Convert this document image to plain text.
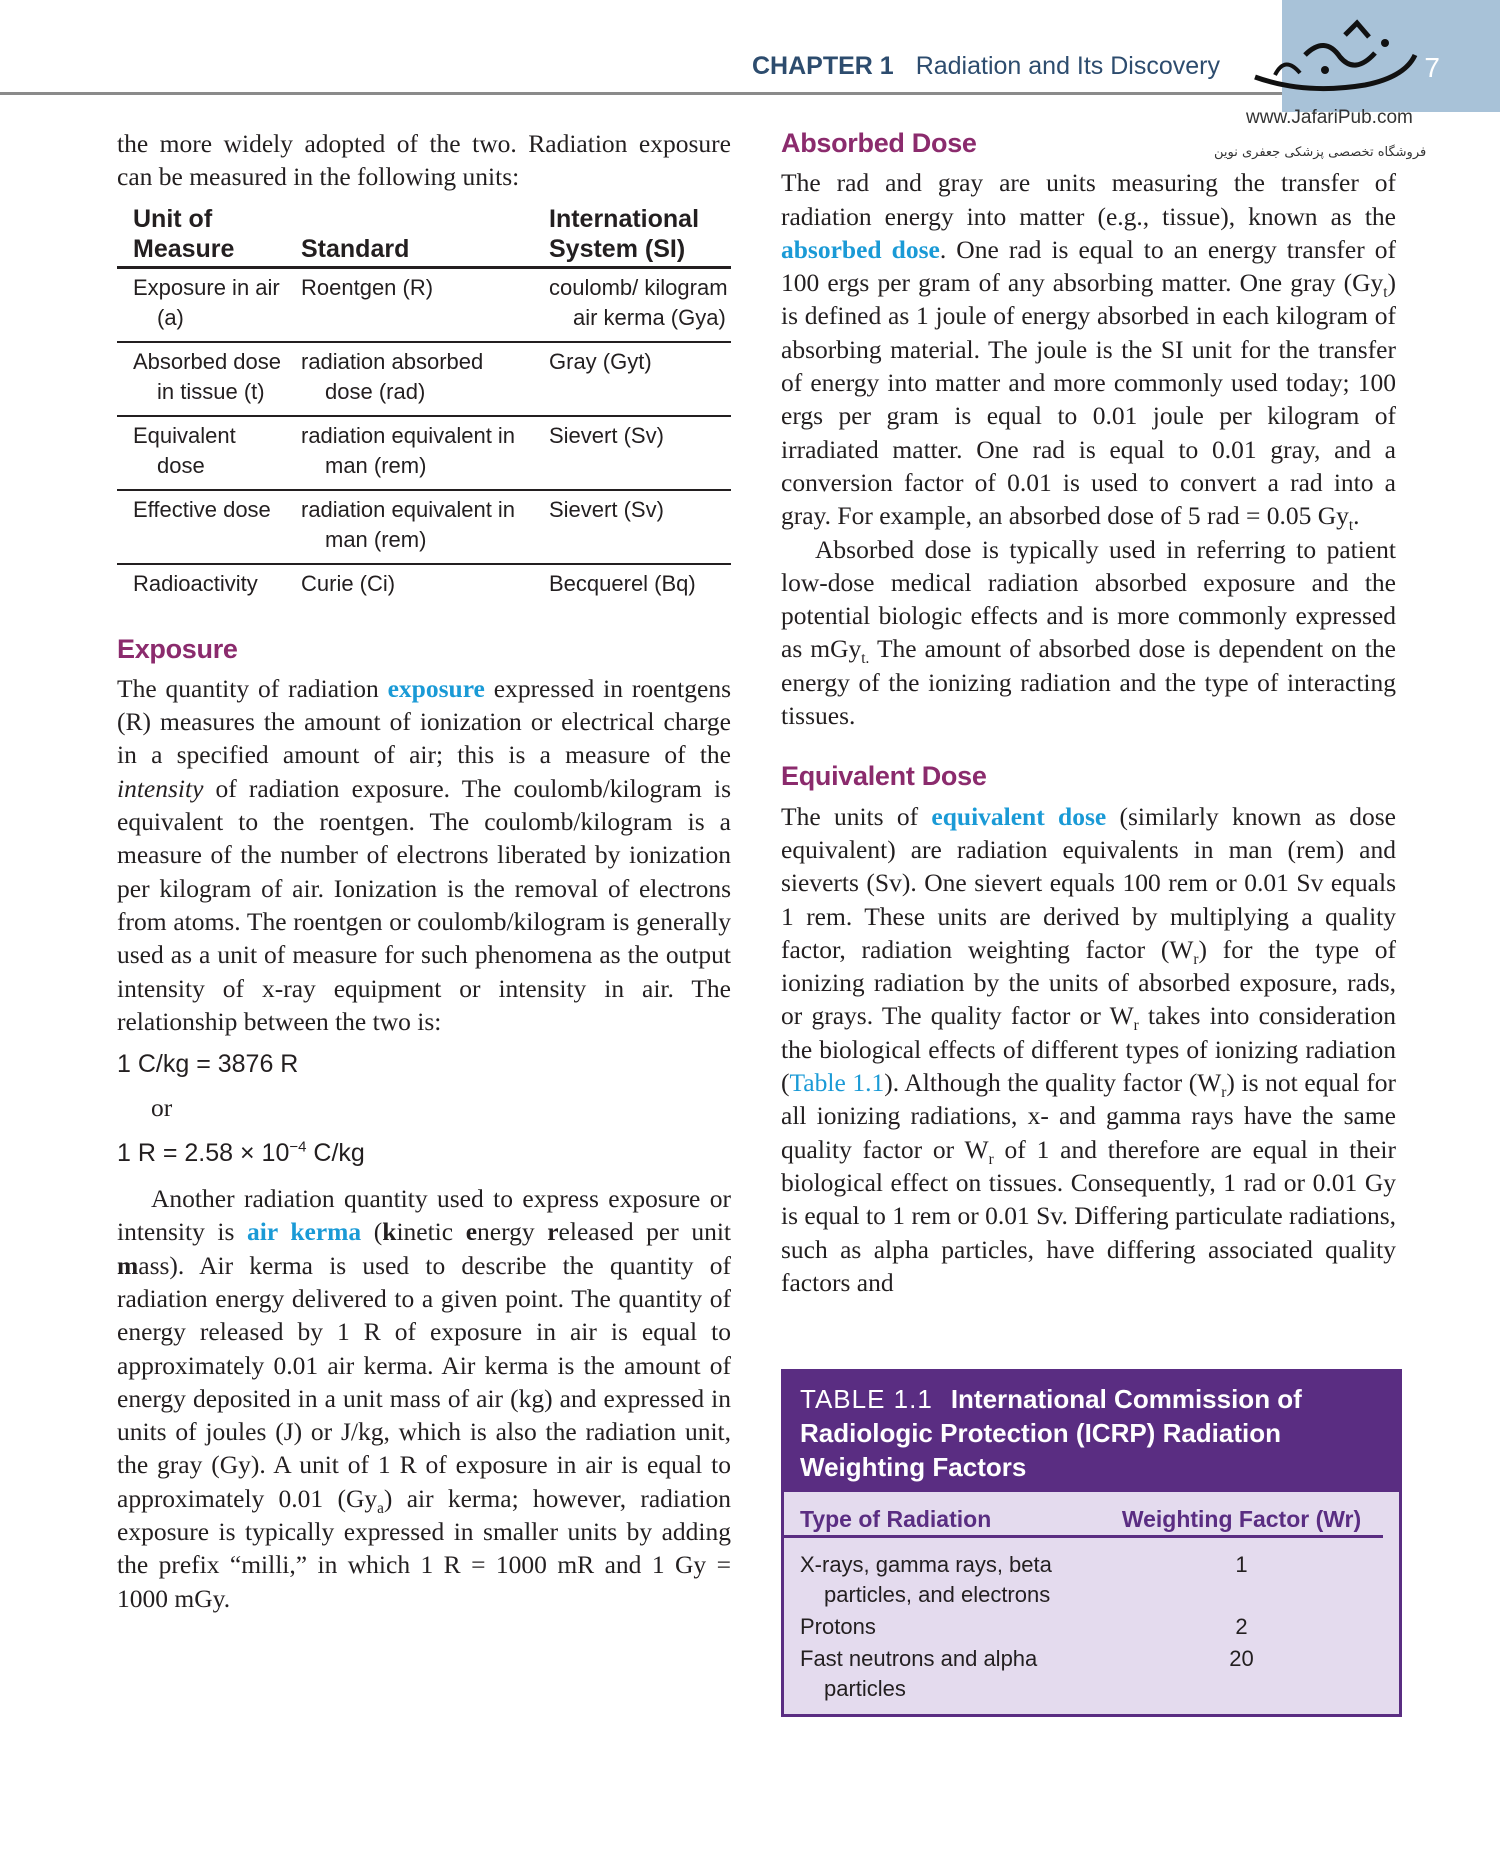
7
CHAPTER 1 Radiation and Its Discovery
www.JafariPub.com
فروشگاه تخصصی پزشکی جعفری نوین

the more widely adopted of the two. Radiation exposure can be measured in the following units:

Unit of Measure	Standard	International System (SI)

Exposure in air (a)	Roentgen (R)	coulomb/ kilogram air kerma (Gya)

Absorbed dose in tissue (t)	radiation absorbed dose (rad)	Gray (Gyt)

Equivalent dose	radiation equivalent in man (rem)	Sievert (Sv)

Effective dose	radiation equivalent in man (rem)	Sievert (Sv)

Radioactivity	Curie (Ci)	Becquerel (Bq)
Exposure

The quantity of radiation exposure expressed in roentgens (R) measures the amount of ionization or electrical charge in a specified amount of air; this is a measure of the intensity of radiation exposure. The coulomb/kilogram is equivalent to the roentgen. The coulomb/kilogram is a measure of the number of electrons liberated by ionization per kilogram of air. Ionization is the removal of electrons from atoms. The roentgen or coulomb/kilogram is generally used as a unit of measure for such phenomena as the output intensity of x-ray equipment or intensity in air. The relationship between the two is:

1 C/kg = 3876 R

or

1 $R = 2.58 \times 10^{-4}$ C/kg

Another radiation quantity used to express exposure or intensity is air kerma (kinetic energy released per unit mass). Air kerma is used to describe the quantity of radiation energy delivered to a given point. The quantity of energy released by 1 R of exposure in air is equal to approximately 0.01 air kerma. Air kerma is the amount of energy deposited in a unit mass of air (kg) and expressed in units of joules (J) or J/kg, which is also the radiation unit, the gray (Gy). A unit of 1 R of exposure in air is equal to approximately 0.01 $(Gy_a)$ air kerma; however, radiation exposure is typically expressed in smaller units by adding the prefix “milli,” in which 1 R = 1000 mR and 1 Gy = 1000 mGy.

Absorbed Dose

The rad and gray are units measuring the transfer of radiation energy into matter (e.g., tissue), known as the absorbed dose. One rad is equal to an energy transfer of 100 ergs per gram of any absorbing matter. One gray $(Gy_t)$ is defined as 1 joule of energy absorbed in each kilogram of absorbing material. The joule is the SI unit for the transfer of energy into matter and more commonly used today; 100 ergs per gram is equal to 0.01 joule per kilogram of irradiated matter. One rad is equal to 0.01 gray, and a conversion factor of 0.01 is used to convert a rad into a gray. For example, an absorbed dose of 5 rad = 0.05 $Gy_t$.

Absorbed dose is typically used in referring to patient low-dose medical radiation absorbed exposure and the potential biologic effects and is more commonly expressed as mGy$_{t.}$ The amount of absorbed dose is dependent on the energy of the ionizing radiation and the type of interacting tissues.

Equivalent Dose

The units of equivalent dose (similarly known as dose equivalent) are radiation equivalents in man (rem) and sieverts (Sv). One sievert equals 100 rem or 0.01 Sv equals 1 rem. These units are derived by multiplying a quality factor, radiation weighting factor $(W_r)$ for the type of ionizing radiation by the units of absorbed exposure, rads, or grays. The quality factor or $W_r$ takes into consideration the biological effects of different types of ionizing radiation (Table 1.1). Although the quality factor $(W_r)$ is not equal for all ionizing radiations, x- and gamma rays have the same quality factor or $W_r$ of 1 and therefore are equal in their biological effect on tissues. Consequently, 1 rad or 0.01 Gy is equal to 1 rem or 0.01 Sv. Differing particulate radiations, such as alpha particles, have differing associated quality factors and

TABLE 1.1 International Commission of Radiologic Protection (ICRP) Radiation Weighting Factors
Type of Radiation	Weighting Factor (Wr)

X-rays, gamma rays, beta particles, and electrons	1

Protons	2

Fast neutrons and alpha particles	20
